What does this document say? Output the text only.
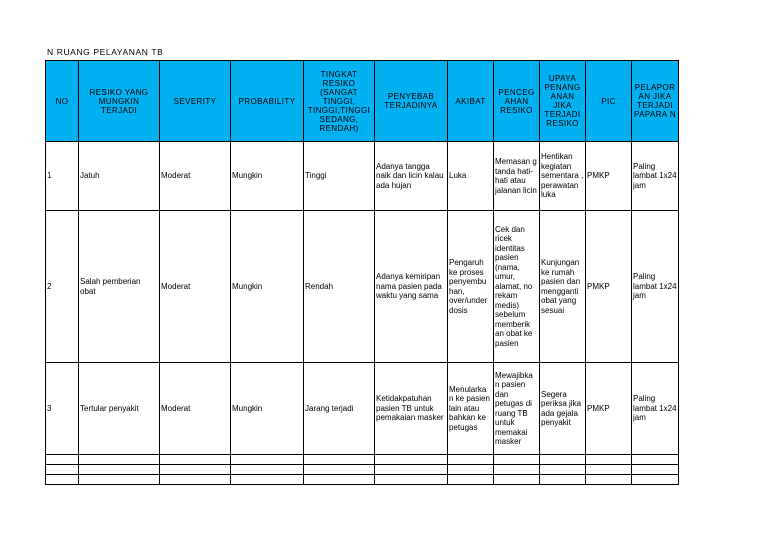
N RUANG PELAYANAN TB
NO	RESIKO YANG MUNGKIN TERJADI	SEVERITY	PROBABILITY	TINGKAT RESIKO (SANGAT TINGGI, TINGGI,TINGGI SEDANG, RENDAH)	PENYEBAB TERJADINYA	AKIBAT	PENCEG AHAN RESIKO	UPAYA PENANG ANAN JIKA TERJADI RESIKO	PIC	PELAPOR AN JIKA TERJADI PAPARA N
1	Jatuh	Moderat	Mungkin	Tinggi	Adanya tangga naik dan licin kalau ada hujan	Luka	Memasan g tanda hati-hati atau jalanan licin	Hentikan kegiatan sementara , perawatan luka	PMKP	Paling lambat 1x24 jam
2	Salah pemberian obat	Moderat	Mungkin	Rendah	Adanya kemiripan nama pasien pada waktu yang sama	Pengaruh ke proses penyembu han, over/under dosis	Cek dan ricek identitas pasien (nama, umur, alamat, no rekam medis) sebelum memberik an obat ke pasien	Kunjungan ke rumah pasien dan mengganti obat yang sesuai	PMKP	Paling lambat 1x24 jam
3	Tertular penyakit	Moderat	Mungkin	Jarang terjadi	Ketidakpatuhan pasien TB untuk pemakaian masker	Menularka n ke pasien lain atau bahkan ke petugas	Mewajibka n pasien dan petugas di ruang TB untuk memakai masker	Segera periksa jika ada gejala penyakit	PMKP	Paling lambat 1x24 jam
